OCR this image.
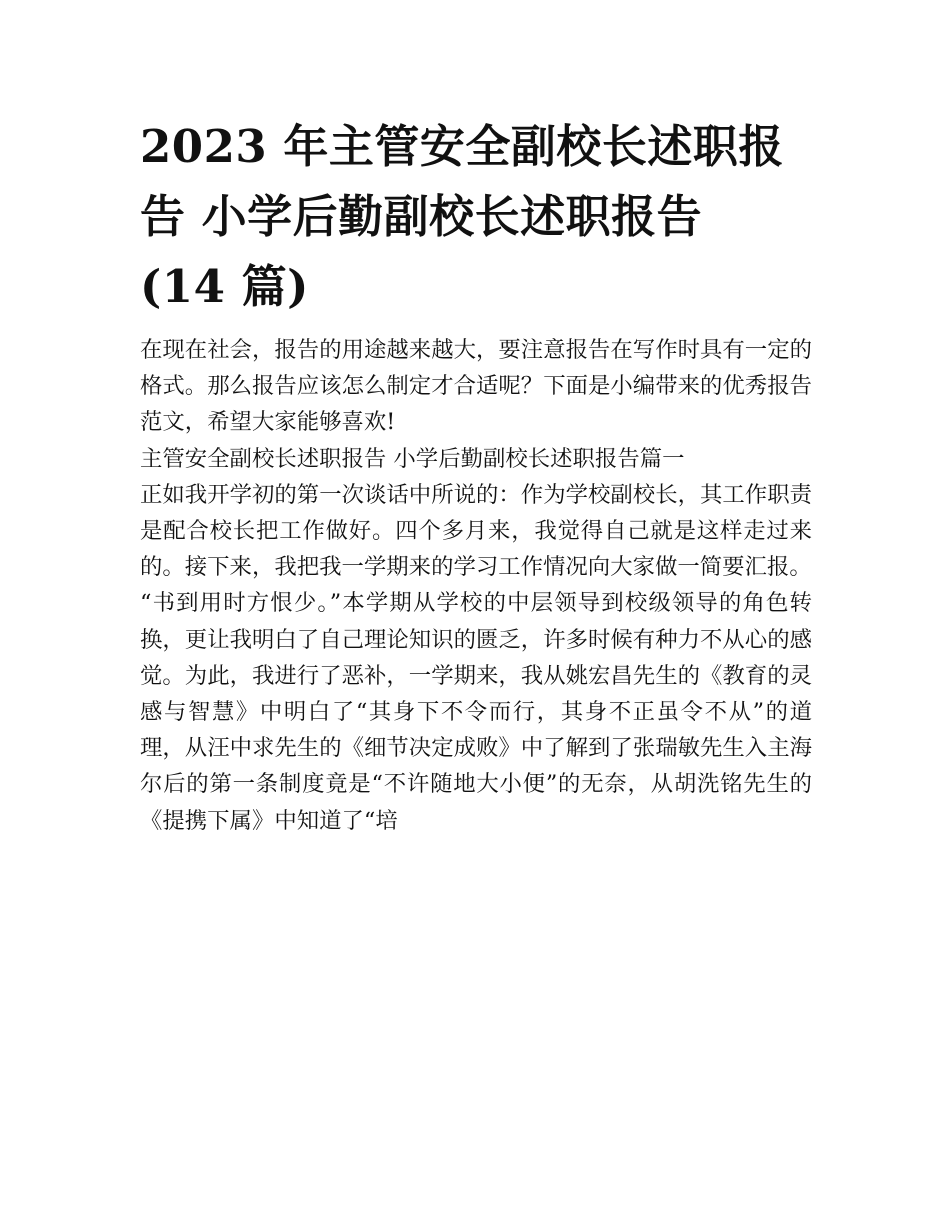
2023 年主管安全副校长述职报
告 小学后勤副校长述职报告
(14 篇)

在现在社会，报告的用途越来越大，要注意报告在写作时具有一定的格式。那么报告应该怎么制定才合适呢？下面是小编带来的优秀报告范文，希望大家能够喜欢!

主管安全副校长述职报告 小学后勤副校长述职报告篇一

正如我开学初的第一次谈话中所说的：作为学校副校长，其工作职责是配合校长把工作做好。四个多月来，我觉得自己就是这样走过来的。接下来，我把我一学期来的学习工作情况向大家做一简要汇报。

“书到用时方恨少。”本学期从学校的中层领导到校级领导的角色转换，更让我明白了自己理论知识的匮乏，许多时候有种力不从心的感觉。为此，我进行了恶补，一学期来，我从姚宏昌先生的《教育的灵感与智慧》中明白了“其身下不令而行，其身不正虽令不从”的道理，从汪中求先生的《细节决定成败》中了解到了张瑞敏先生入主海尔后的第一条制度竟是“不许随地大小便”的无奈，从胡洗铭先生的《提携下属》中知道了“培
